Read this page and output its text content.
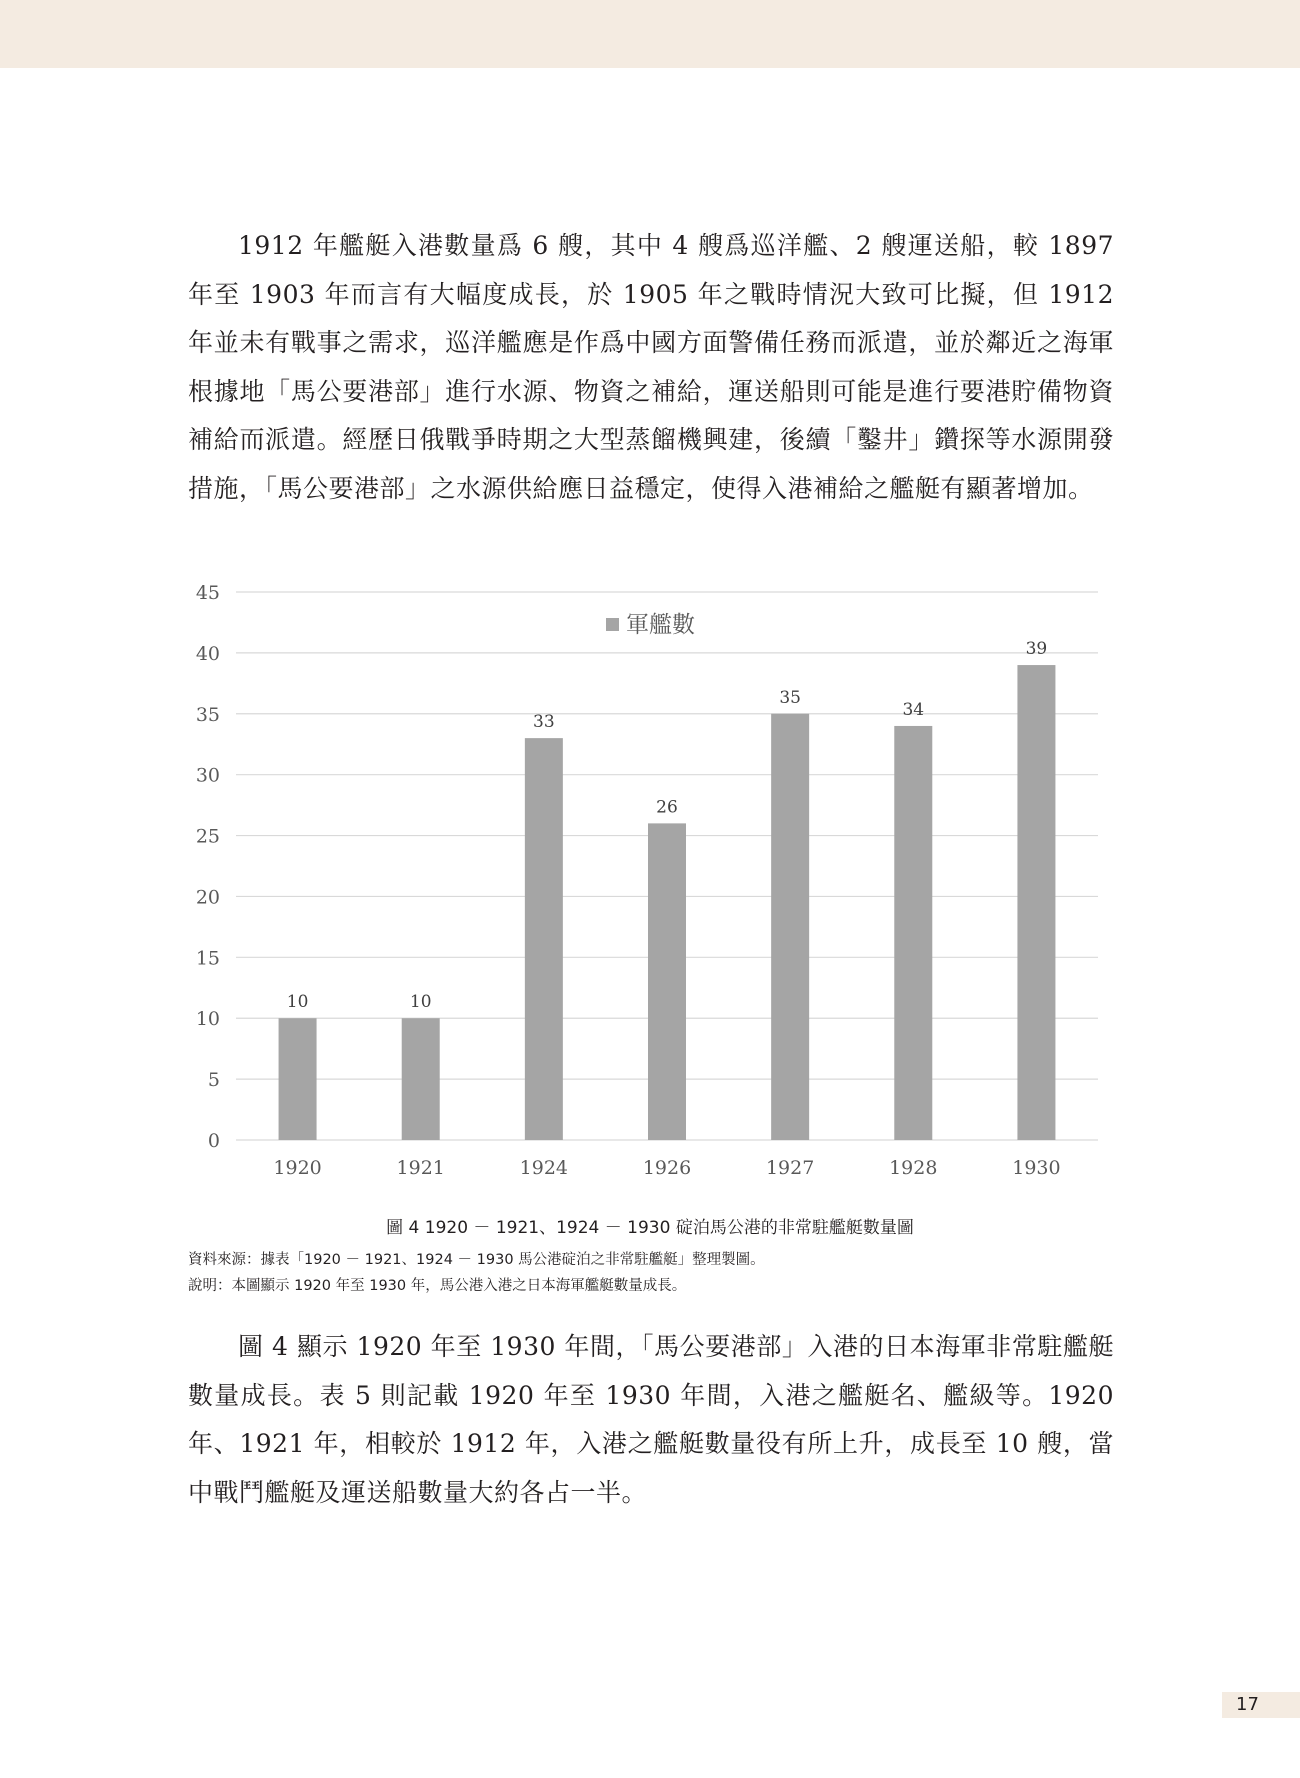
1912 年艦艇入港數量爲 6 艘，其中 4 艘爲巡洋艦、2 艘運送船，較 1897 年至 1903 年而言有大幅度成長，於 1905 年之戰時情況大致可比擬，但 1912 年並未有戰事之需求，巡洋艦應是作爲中國方面警備任務而派遣，並於鄰近之海軍根據地「馬公要港部」進行水源、物資之補給，運送船則可能是進行要港貯備物資補給而派遣。經歷日俄戰爭時期之大型蒸餾機興建，後續「鑿井」鑽探等水源開發措施，「馬公要港部」之水源供給應日益穩定，使得入港補給之艦艇有顯著增加。

0
5
10
15
20
25
30
35
40
45
10	10
33
26
35
34
39
1920	1921	1924	1926	1927	1928	1930
軍艦數
圖 4 1920 － 1921、1924 － 1930 碇泊馬公港的非常駐艦艇數量圖
資料來源：據表「1920 － 1921、1924 － 1930 馬公港碇泊之非常駐艦艇」整理製圖。
說明：本圖顯示 1920 年至 1930 年，馬公港入港之日本海軍艦艇數量成長。

圖 4 顯示 1920 年至 1930 年間，「馬公要港部」入港的日本海軍非常駐艦艇數量成長。表 5 則記載 1920 年至 1930 年間，入港之艦艇名、艦級等。1920 年、1921 年，相較於 1912 年，入港之艦艇數量役有所上升，成長至 10 艘，當中戰鬥艦艇及運送船數量大約各占一半。

17
